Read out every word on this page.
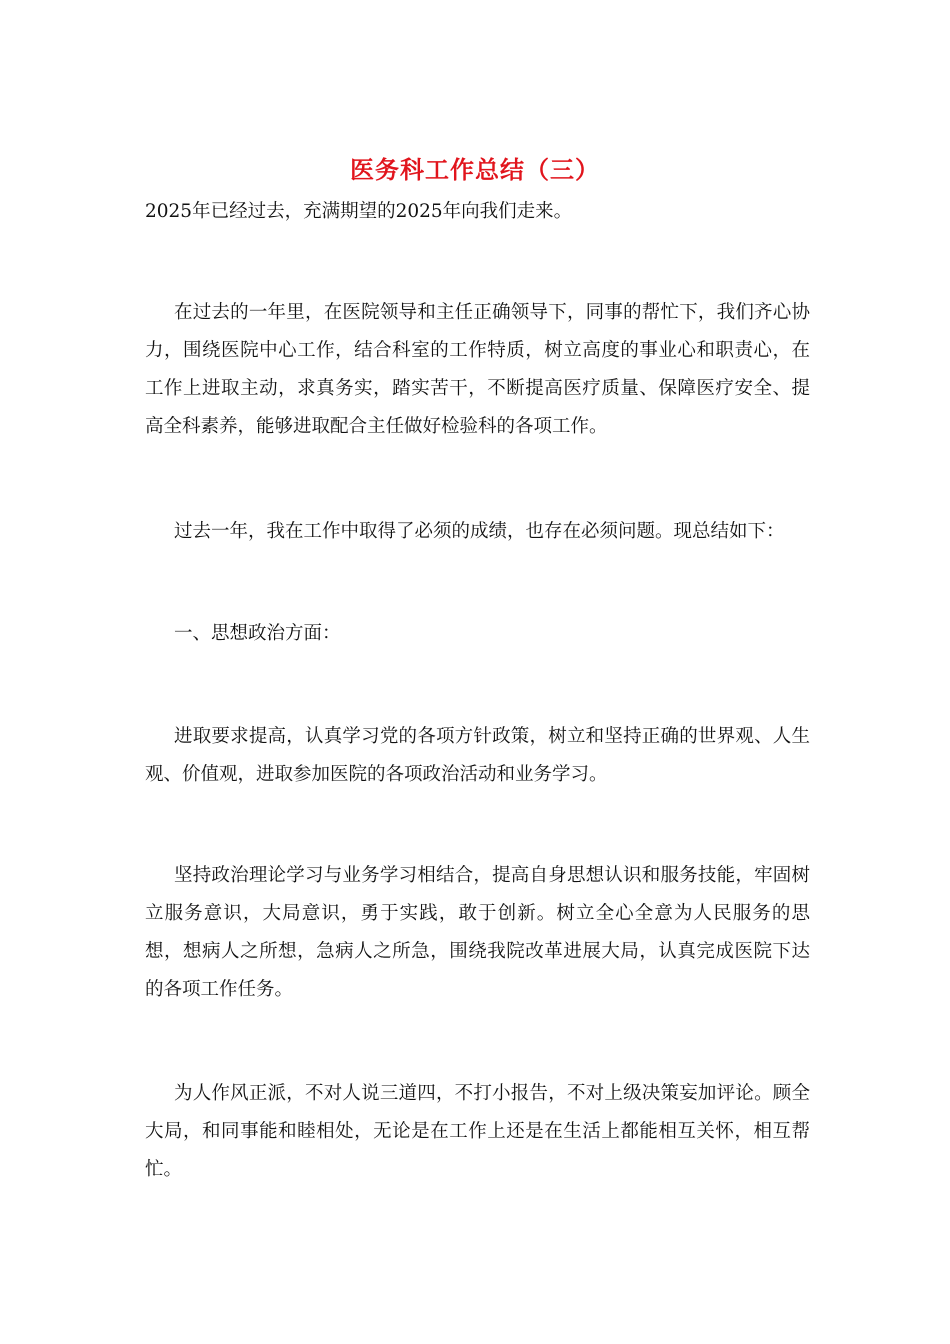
医务科工作总结（三）
2025年已经过去，充满期望的2025年向我们走来。
在过去的一年里，在医院领导和主任正确领导下，同事的帮忙下，我们齐心协力，围绕医院中心工作，结合科室的工作特质，树立高度的事业心和职责心，在工作上进取主动，求真务实，踏实苦干，不断提高医疗质量、保障医疗安全、提高全科素养，能够进取配合主任做好检验科的各项工作。
过去一年，我在工作中取得了必须的成绩，也存在必须问题。现总结如下：
一、思想政治方面：
进取要求提高，认真学习党的各项方针政策，树立和坚持正确的世界观、人生观、价值观，进取参加医院的各项政治活动和业务学习。
坚持政治理论学习与业务学习相结合，提高自身思想认识和服务技能，牢固树立服务意识，大局意识，勇于实践，敢于创新。树立全心全意为人民服务的思想，想病人之所想，急病人之所急，围绕我院改革进展大局，认真完成医院下达的各项工作任务。
为人作风正派，不对人说三道四，不打小报告，不对上级决策妄加评论。顾全大局，和同事能和睦相处，无论是在工作上还是在生活上都能相互关怀，相互帮忙。
